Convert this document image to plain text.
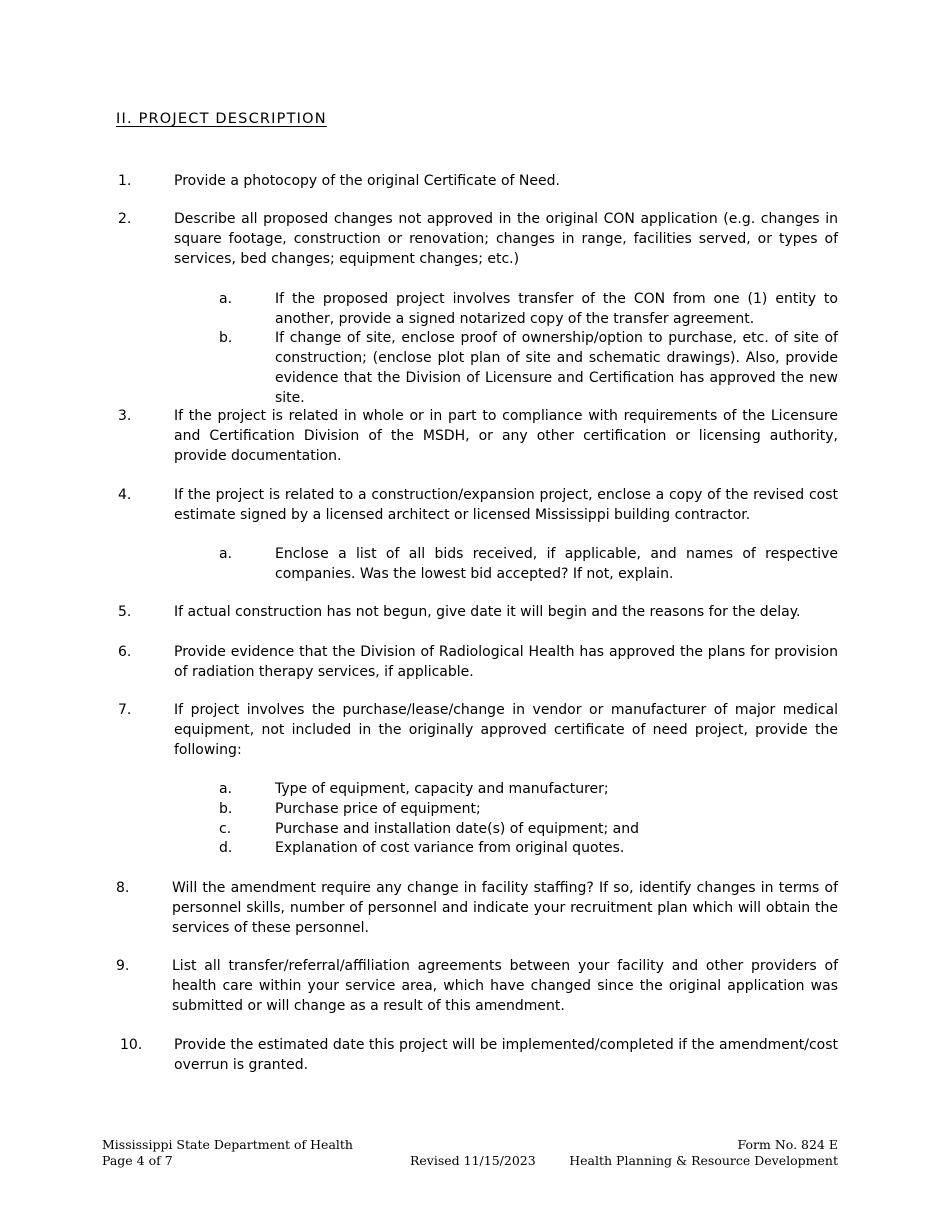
II. PROJECT DESCRIPTION
1.	Provide a photocopy of the original Certificate of Need.
2.	Describe all proposed changes not approved in the original CON application (e.g. changes in square footage, construction or renovation; changes in range, facilities served, or types of services, bed changes; equipment changes; etc.)
a.	If the proposed project involves transfer of the CON from one (1) entity to another, provide a signed notarized copy of the transfer agreement.
b.	If change of site, enclose proof of ownership/option to purchase, etc. of site of construction; (enclose plot plan of site and schematic drawings). Also, provide evidence that the Division of Licensure and Certification has approved the new site.
3.	If the project is related in whole or in part to compliance with requirements of the Licensure and Certification Division of the MSDH, or any other certification or licensing authority, provide documentation.
4.	If the project is related to a construction/expansion project, enclose a copy of the revised cost estimate signed by a licensed architect or licensed Mississippi building contractor.
a.	Enclose a list of all bids received, if applicable, and names of respective companies. Was the lowest bid accepted? If not, explain.
5.	If actual construction has not begun, give date it will begin and the reasons for the delay.
6.	Provide evidence that the Division of Radiological Health has approved the plans for provision of radiation therapy services, if applicable.
7.	If project involves the purchase/lease/change in vendor or manufacturer of major medical equipment, not included in the originally approved certificate of need project, provide the following:
a.	Type of equipment, capacity and manufacturer;
b.	Purchase price of equipment;
c.	Purchase and installation date(s) of equipment; and
d.	Explanation of cost variance from original quotes.
8.	Will the amendment require any change in facility staffing? If so, identify changes in terms of personnel skills, number of personnel and indicate your recruitment plan which will obtain the services of these personnel.
9.	List all transfer/referral/affiliation agreements between your facility and other providers of health care within your service area, which have changed since the original application was submitted or will change as a result of this amendment.
10. Provide the estimated date this project will be implemented/completed if the amendment/cost overrun is granted.
Mississippi State Department of Health
Page 4 of 7	Revised 11/15/2023
Form No. 824 E
Health Planning & Resource Development
